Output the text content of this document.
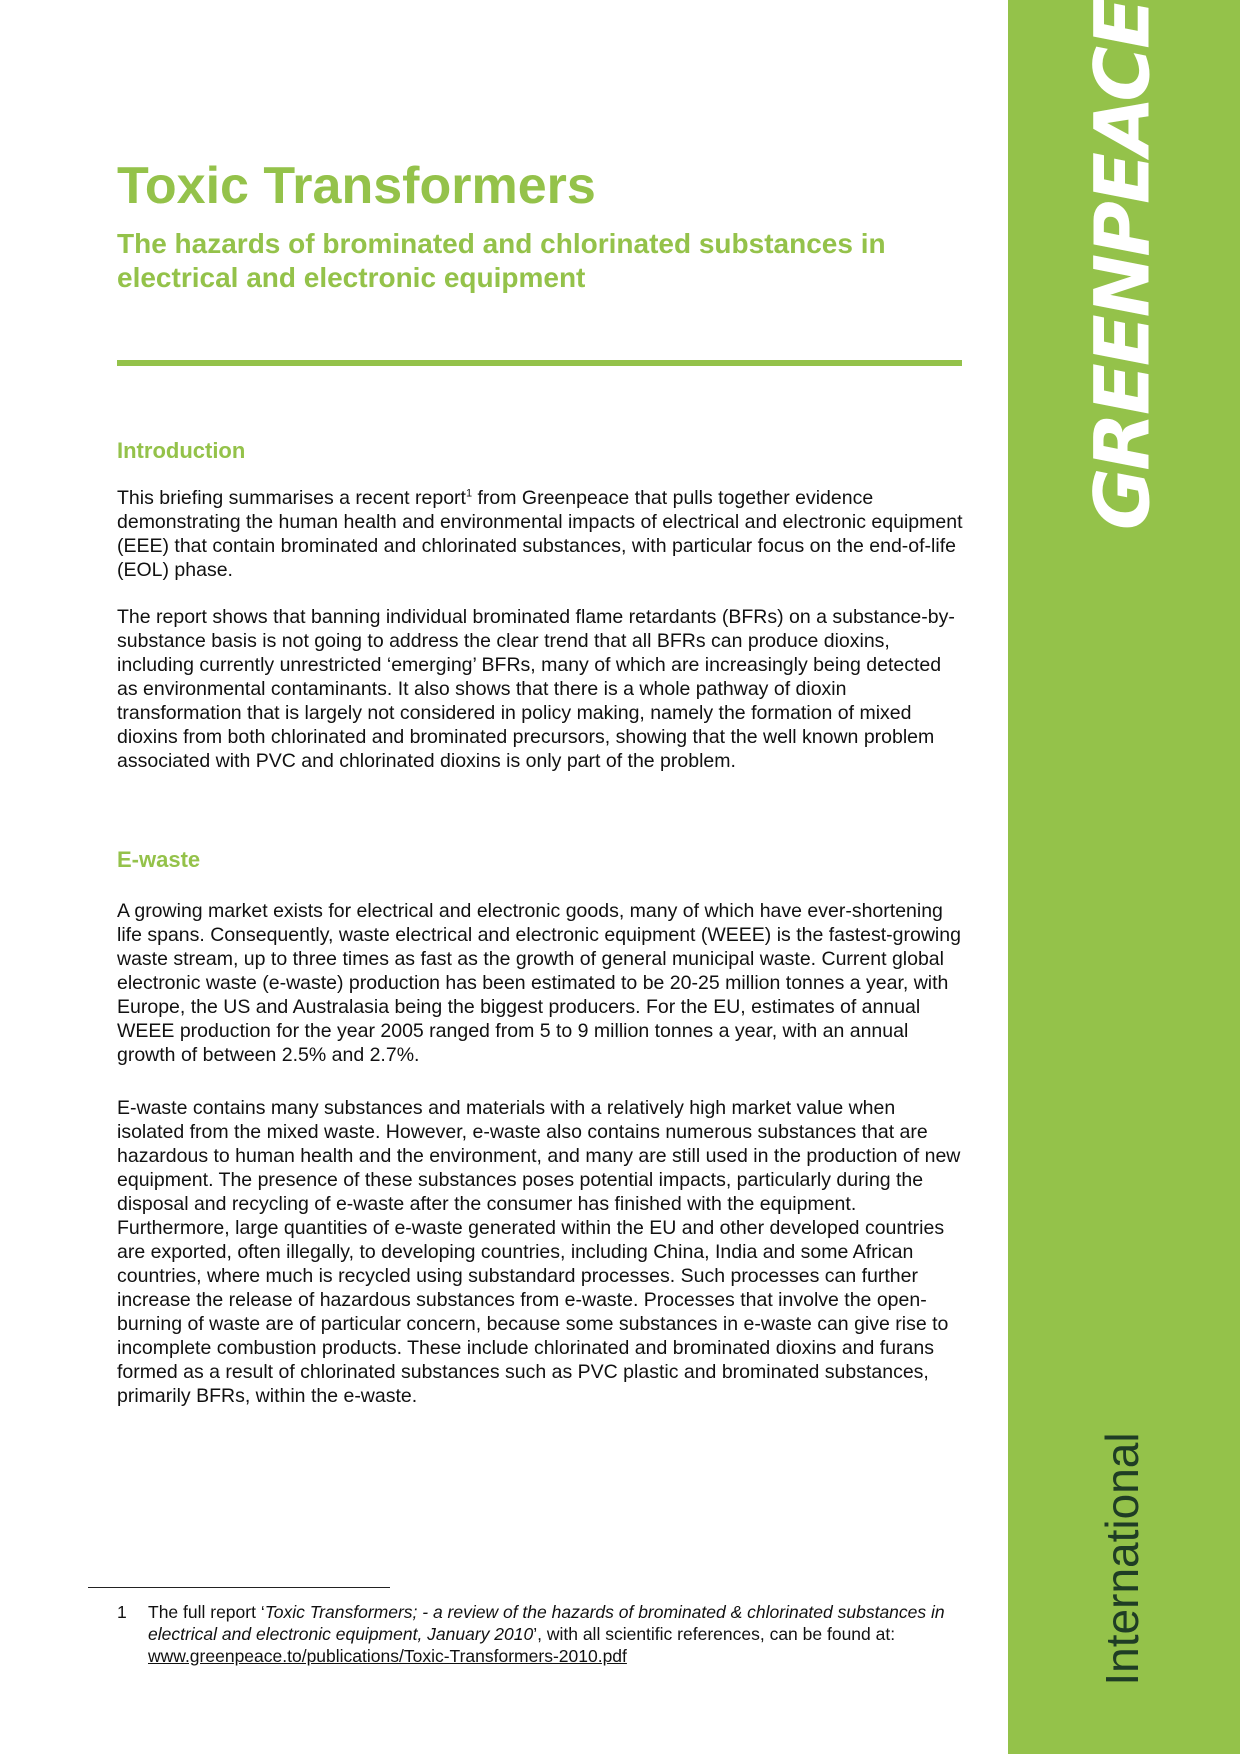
GREENPEACE
International
Toxic Transformers

The hazards of brominated and chlorinated substances in electrical and electronic equipment

Introduction

This briefing summarises a recent report$^1$ from Greenpeace that pulls together evidence demonstrating the human health and environmental impacts of electrical and electronic equipment (EEE) that contain brominated and chlorinated substances, with particular focus on the end-of-life (EOL) phase.

The report shows that banning individual brominated flame retardants (BFRs) on a substance-by-substance basis is not going to address the clear trend that all BFRs can produce dioxins, including currently unrestricted ‘emerging’ BFRs, many of which are increasingly being detected as environmental contaminants. It also shows that there is a whole pathway of dioxin transformation that is largely not considered in policy making, namely the formation of mixed dioxins from both chlorinated and brominated precursors, showing that the well known problem associated with PVC and chlorinated dioxins is only part of the problem.

E-waste

A growing market exists for electrical and electronic goods, many of which have ever-shortening life spans. Consequently, waste electrical and electronic equipment (WEEE) is the fastest-growing waste stream, up to three times as fast as the growth of general municipal waste. Current global electronic waste (e-waste) production has been estimated to be 20-25 million tonnes a year, with Europe, the US and Australasia being the biggest producers. For the EU, estimates of annual WEEE production for the year 2005 ranged from 5 to 9 million tonnes a year, with an annual growth of between 2.5% and 2.7%.

E-waste contains many substances and materials with a relatively high market value when isolated from the mixed waste. However, e-waste also contains numerous substances that are hazardous to human health and the environment, and many are still used in the production of new equipment. The presence of these substances poses potential impacts, particularly during the disposal and recycling of e-waste after the consumer has finished with the equipment. Furthermore, large quantities of e-waste generated within the EU and other developed countries are exported, often illegally, to developing countries, including China, India and some African countries, where much is recycled using substandard processes. Such processes can further increase the release of hazardous substances from e-waste. Processes that involve the open-burning of waste are of particular concern, because some substances in e-waste can give rise to incomplete combustion products. These include chlorinated and brominated dioxins and furans formed as a result of chlorinated substances such as PVC plastic and brominated substances, primarily BFRs, within the e-waste.

1 The full report ‘Toxic Transformers; - a review of the hazards of brominated & chlorinated substances in electrical and electronic equipment, January 2010’, with all scientific references, can be found at: www.greenpeace.to/publications/Toxic-Transformers-2010.pdf
